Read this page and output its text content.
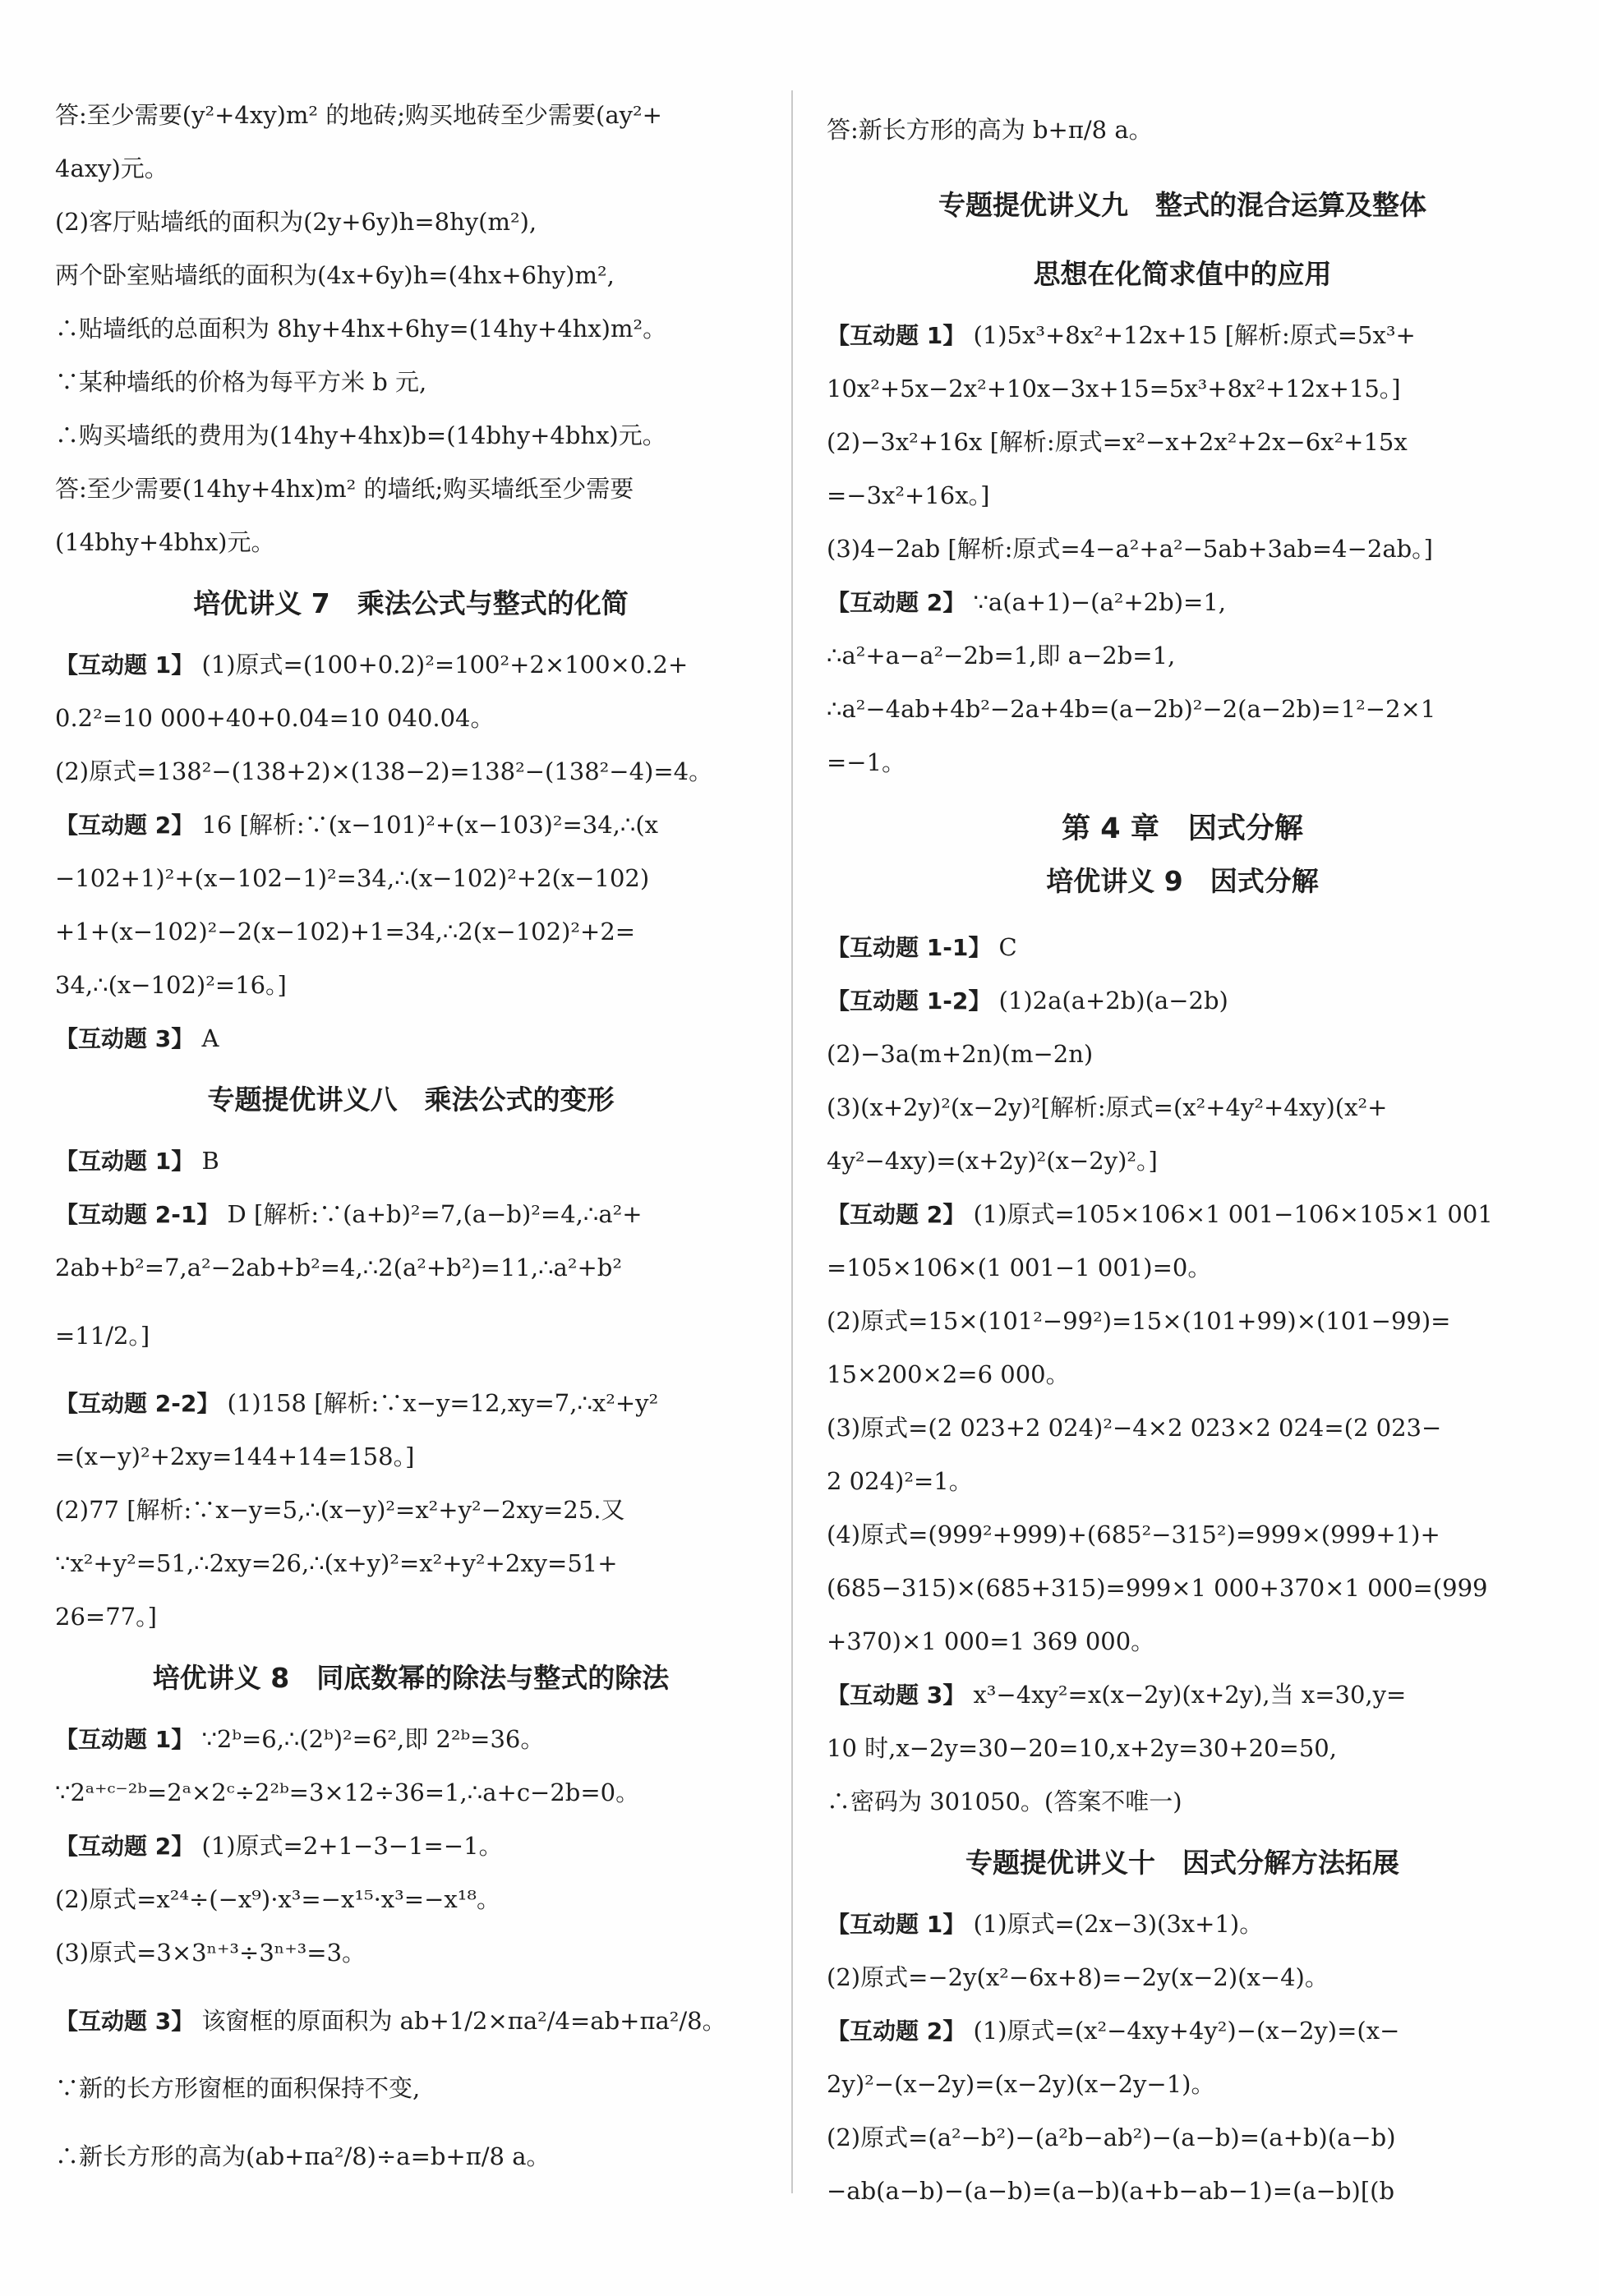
答:至少需要(y²+4xy)m² 的地砖;购买地砖至少需要(ay²+
4axy)元。
(2)客厅贴墙纸的面积为(2y+6y)h=8hy(m²),
两个卧室贴墙纸的面积为(4x+6y)h=(4hx+6hy)m²,
∴贴墙纸的总面积为 8hy+4hx+6hy=(14hy+4hx)m²。
∵某种墙纸的价格为每平方米 b 元,
∴购买墙纸的费用为(14hy+4hx)b=(14bhy+4bhx)元。
答:至少需要(14hy+4hx)m² 的墙纸;购买墙纸至少需要
(14bhy+4bhx)元。
培优讲义 7　乘法公式与整式的化简
【互动题 1】 (1)原式=(100+0.2)²=100²+2×100×0.2+
0.2²=10 000+40+0.04=10 040.04。
(2)原式=138²−(138+2)×(138−2)=138²−(138²−4)=4。
【互动题 2】 16 [解析:∵(x−101)²+(x−103)²=34,∴(x
−102+1)²+(x−102−1)²=34,∴(x−102)²+2(x−102)
+1+(x−102)²−2(x−102)+1=34,∴2(x−102)²+2=
34,∴(x−102)²=16。]
【互动题 3】 A
专题提优讲义八　乘法公式的变形
【互动题 1】 B
【互动题 2-1】 D [解析:∵(a+b)²=7,(a−b)²=4,∴a²+
2ab+b²=7,a²−2ab+b²=4,∴2(a²+b²)=11,∴a²+b²
=11/2。]
【互动题 2-2】 (1)158 [解析:∵x−y=12,xy=7,∴x²+y²
=(x−y)²+2xy=144+14=158。]
(2)77 [解析:∵x−y=5,∴(x−y)²=x²+y²−2xy=25.又
∵x²+y²=51,∴2xy=26,∴(x+y)²=x²+y²+2xy=51+
26=77。]
培优讲义 8　同底数幂的除法与整式的除法
【互动题 1】 ∵2ᵇ=6,∴(2ᵇ)²=6²,即 2²ᵇ=36。
∵2ᵃ⁺ᶜ⁻²ᵇ=2ᵃ×2ᶜ÷2²ᵇ=3×12÷36=1,∴a+c−2b=0。
【互动题 2】 (1)原式=2+1−3−1=−1。
(2)原式=x²⁴÷(−x⁹)·x³=−x¹⁵·x³=−x¹⁸。
(3)原式=3×3ⁿ⁺³÷3ⁿ⁺³=3。
【互动题 3】 该窗框的原面积为 ab+1/2×πa²/4=ab+πa²/8。
∵新的长方形窗框的面积保持不变,
∴新长方形的高为(ab+πa²/8)÷a=b+π/8 a。
答:新长方形的高为 b+π/8 a。
专题提优讲义九　整式的混合运算及整体
思想在化简求值中的应用
【互动题 1】 (1)5x³+8x²+12x+15 [解析:原式=5x³+
10x²+5x−2x²+10x−3x+15=5x³+8x²+12x+15。]
(2)−3x²+16x [解析:原式=x²−x+2x²+2x−6x²+15x
=−3x²+16x。]
(3)4−2ab [解析:原式=4−a²+a²−5ab+3ab=4−2ab。]
【互动题 2】 ∵a(a+1)−(a²+2b)=1,
∴a²+a−a²−2b=1,即 a−2b=1,
∴a²−4ab+4b²−2a+4b=(a−2b)²−2(a−2b)=1²−2×1
=−1。
第 4 章　因式分解
培优讲义 9　因式分解
【互动题 1-1】 C
【互动题 1-2】 (1)2a(a+2b)(a−2b)
(2)−3a(m+2n)(m−2n)
(3)(x+2y)²(x−2y)²[解析:原式=(x²+4y²+4xy)(x²+
4y²−4xy)=(x+2y)²(x−2y)²。]
【互动题 2】 (1)原式=105×106×1 001−106×105×1 001
=105×106×(1 001−1 001)=0。
(2)原式=15×(101²−99²)=15×(101+99)×(101−99)=
15×200×2=6 000。
(3)原式=(2 023+2 024)²−4×2 023×2 024=(2 023−
2 024)²=1。
(4)原式=(999²+999)+(685²−315²)=999×(999+1)+
(685−315)×(685+315)=999×1 000+370×1 000=(999
+370)×1 000=1 369 000。
【互动题 3】 x³−4xy²=x(x−2y)(x+2y),当 x=30,y=
10 时,x−2y=30−20=10,x+2y=30+20=50,
∴密码为 301050。(答案不唯一)
专题提优讲义十　因式分解方法拓展
【互动题 1】 (1)原式=(2x−3)(3x+1)。
(2)原式=−2y(x²−6x+8)=−2y(x−2)(x−4)。
【互动题 2】 (1)原式=(x²−4xy+4y²)−(x−2y)=(x−
2y)²−(x−2y)=(x−2y)(x−2y−1)。
(2)原式=(a²−b²)−(a²b−ab²)−(a−b)=(a+b)(a−b)
−ab(a−b)−(a−b)=(a−b)(a+b−ab−1)=(a−b)[(b
